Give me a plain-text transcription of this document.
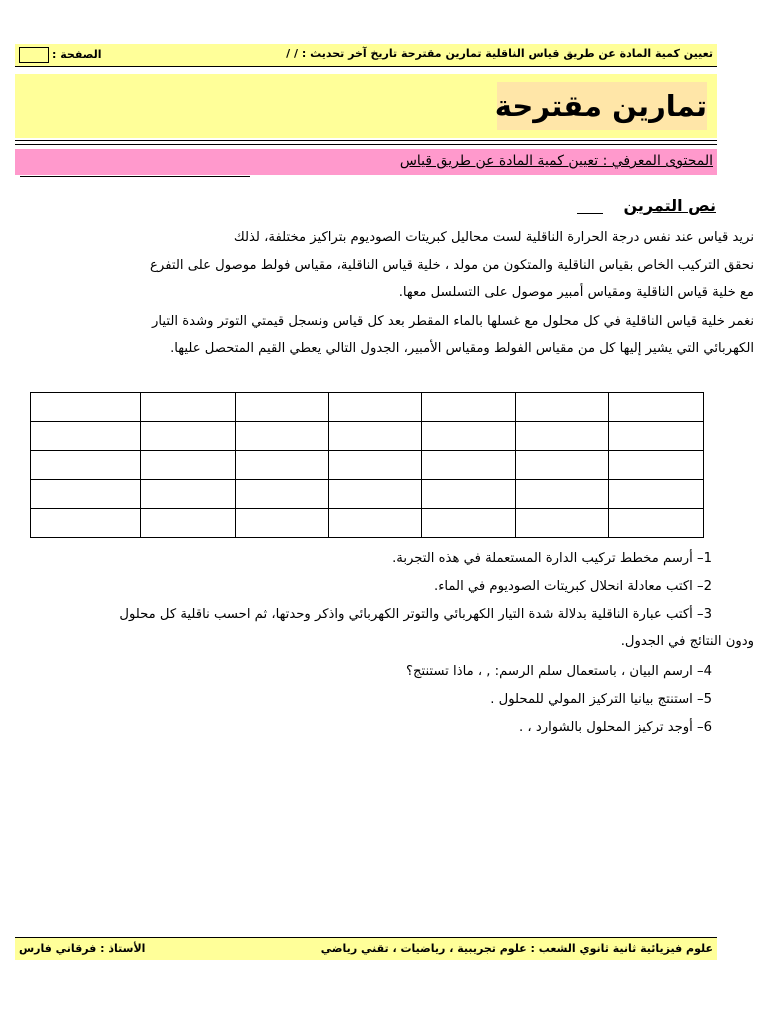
تعيين كمية المادة عن طريق قياس الناقلية تمارين مقترحة تاريخ آخر تحديث : / /
الصفحة :
تمارين مقترحة
المحتوى المعرفي : تعيين كمية المادة عن طريق قياس
نص التمرين
نريد قياس عند نفس درجة الحرارة الناقلية لست محاليل كبريتات الصوديوم بتراكيز مختلفة، لذلك
نحقق التركيب الخاص بقياس الناقلية والمتكون من مولد ، خلية قياس الناقلية، مقياس فولط موصول على التفرع
مع خلية قياس الناقلية ومقياس أمبير موصول على التسلسل معها.
نغمر خلية قياس الناقلية في كل محلول مع غسلها بالماء المقطر بعد كل قياس ونسجل قيمتي التوتر وشدة التيار
الكهربائي التي يشير إليها كل من مقياس الفولط ومقياس الأمبير، الجدول التالي يعطي القيم المتحصل عليها.

1– أرسم مخطط تركيب الدارة المستعملة في هذه التجربة.
2– اكتب معادلة انحلال كبريتات الصوديوم في الماء.
3– أكتب عبارة الناقلية بدلالة شدة التيار الكهربائي والتوتر الكهربائي واذكر وحدتها، ثم احسب ناقلية كل محلول
ودون النتائج في الجدول.
4– ارسم البيان ، باستعمال سلم الرسم: , ، ماذا تستنتج؟
5– استنتج بيانيا التركيز المولي للمحلول .
6– أوجد تركيز المحلول بالشوارد ، .
علوم فيزيائية ثانية ثانوي الشعب : علوم تجريبية ، رياضيات ، تقني رياضي
الأستاذ : فرقاني فارس
